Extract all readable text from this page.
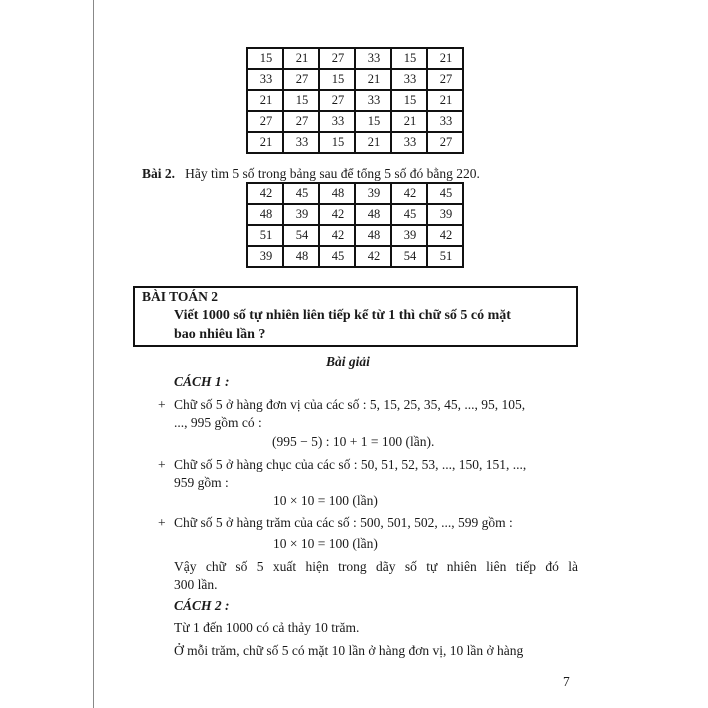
15	21	27	33	15	21
33	27	15	21	33	27
21	15	27	33	15	21
27	27	33	15	21	33
21	33	15	21	33	27
Bài 2. Hãy tìm 5 số trong bảng sau để tổng 5 số đó bằng 220.
42	45	48	39	42	45
48	39	42	48	45	39
51	54	42	48	39	42
39	48	45	42	54	51
BÀI TOÁN 2
Viết 1000 số tự nhiên liên tiếp kể từ 1 thì chữ số 5 có mặt
bao nhiêu lần ?
Bài giải
CÁCH 1 :
+ Chữ số 5 ở hàng đơn vị của các số : 5, 15, 25, 35, 45, ..., 95, 105,
..., 995 gồm có :
(995 − 5) : 10 + 1 = 100 (lần).
+ Chữ số 5 ở hàng chục của các số : 50, 51, 52, 53, ..., 150, 151, ...,
959 gồm :
10 × 10 = 100 (lần)
+ Chữ số 5 ở hàng trăm của các số : 500, 501, 502, ..., 599 gồm :
10 × 10 = 100 (lần)
Vậy chữ số 5 xuất hiện trong dãy số tự nhiên liên tiếp đó là
300 lần.
CÁCH 2 :
Từ 1 đến 1000 có cả thảy 10 trăm.
Ở mỗi trăm, chữ số 5 có mặt 10 lần ở hàng đơn vị, 10 lần ở hàng
7
